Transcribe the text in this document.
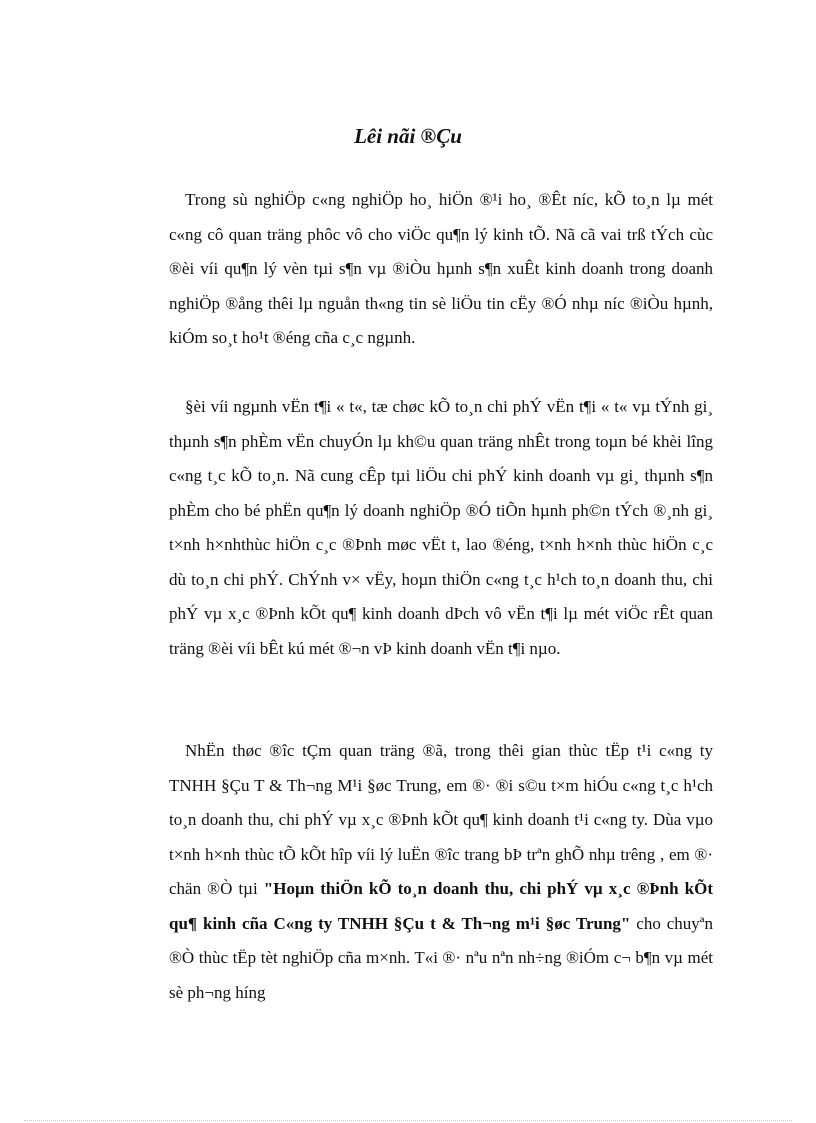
Lêi nãi ®Çu

Trong sù nghiÖp c«ng nghiÖp ho¸ hiÖn ®¹i ho¸ ®Êt níc, kÕ to¸n lµ mét c«ng cô quan träng phôc vô cho viÖc qu¶n lý kinh tÕ. Nã cã vai trß tÝch cùc ®èi víi qu¶n lý vèn tµi s¶n vµ ®iÒu hµnh s¶n xuÊt kinh doanh trong doanh nghiÖp ®ång thêi lµ nguån th«ng tin sè liÖu tin cËy ®Ó nhµ níc ®iÒu hµnh, kiÓm so¸t ho¹t ®éng cña c¸c ngµnh.

§èi víi ngµnh vËn t¶i « t«, tæ chøc kÕ to¸n chi phÝ vËn t¶i « t« vµ tÝnh gi¸ thµnh s¶n phÈm vËn chuyÓn lµ kh©u quan träng nhÊt trong toµn bé khèi lîng c«ng t¸c kÕ to¸n. Nã cung cÊp tµi liÖu chi phÝ kinh doanh vµ gi¸ thµnh s¶n phÈm cho bé phËn qu¶n lý doanh nghiÖp ®Ó tiÕn hµnh ph©n tÝch ®¸nh gi¸ t×nh h×nhthùc hiÖn c¸c ®Þnh møc vËt t, lao ®éng, t×nh h×nh thùc hiÖn c¸c dù to¸n chi phÝ. ChÝnh v× vËy, hoµn thiÖn c«ng t¸c h¹ch to¸n doanh thu, chi phÝ vµ x¸c ®Þnh kÕt qu¶ kinh doanh dÞch vô vËn t¶i lµ mét viÖc rÊt quan träng ®èi víi bÊt kú mét ®¬n vÞ kinh doanh vËn t¶i nµo.

NhËn thøc ®îc tÇm quan träng ®ã, trong thêi gian thùc tËp t¹i c«ng ty TNHH §Çu T & Th¬ng M¹i §øc Trung, em ®· ®i s©u t×m hiÓu c«ng t¸c h¹ch to¸n doanh thu, chi phÝ vµ x¸c ®Þnh kÕt qu¶ kinh doanh t¹i c«ng ty. Dùa vµo t×nh h×nh thùc tÕ kÕt hîp víi lý luËn ®îc trang bÞ trªn ghÕ nhµ trêng , em ®· chän ®Ò tµi "Hoµn thiÖn kÕ to¸n doanh thu, chi phÝ vµ x¸c ®Þnh kÕt qu¶ kinh cña C«ng ty TNHH §Çu t & Th¬ng m¹i §øc Trung" cho chuyªn ®Ò thùc tËp tèt nghiÖp cña m×nh. T«i ®· nªu nªn nh÷ng ®iÓm c¬ b¶n vµ mét sè ph¬ng híng
